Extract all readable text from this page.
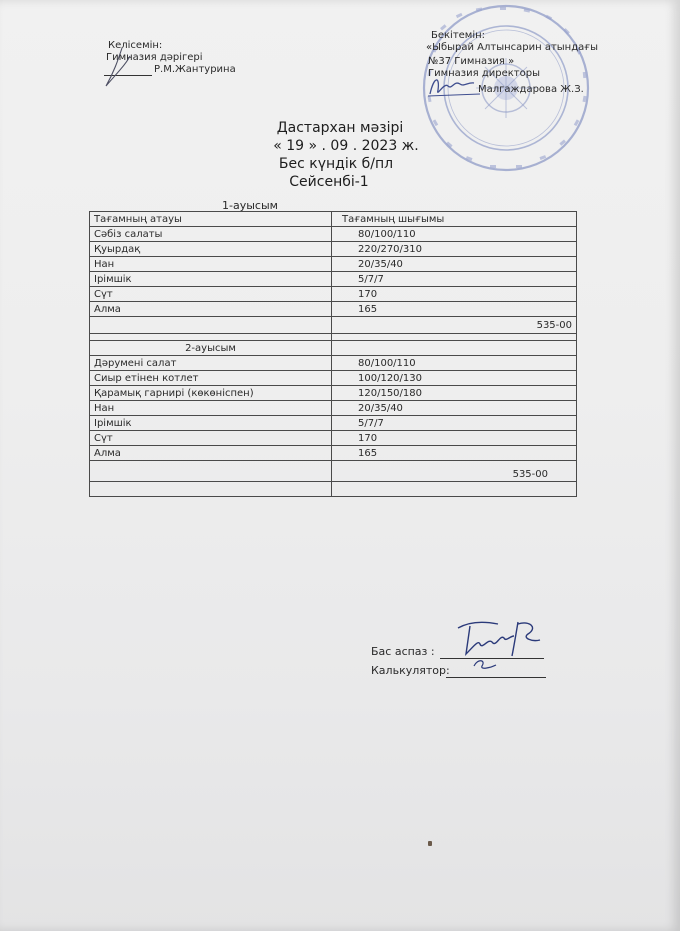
Келісемін:
Гимназия дәрігері
Р.М.Жантурина
Бекітемін:
«Ыбырай Алтынсарин атындағы
№37 Гимназия »
Гимназия директоры
Малгаждарова Ж.З.
Дастархан мәзірі
« 19 » . 09 . 2023 ж.
Бес күндік б/пл
Сейсенбі-1
1-ауысым
Тағамның атауы	Тағамның шығымы
Сәбіз салаты	80/100/110
Қуырдақ	220/270/310
Нан	20/35/40
Ірімшік	5/7/7
Сүт	170
Алма	165
	535-00

2-ауысым	
Дәрумені салат	80/100/110
Сиыр етінен котлет	100/120/130
Қарамық гарнирі (көкөніспен)	120/150/180
Нан	20/35/40
Ірімшік	5/7/7
Сүт	170
Алма	165
	535-00

Бас аспаз :
Калькулятор:
